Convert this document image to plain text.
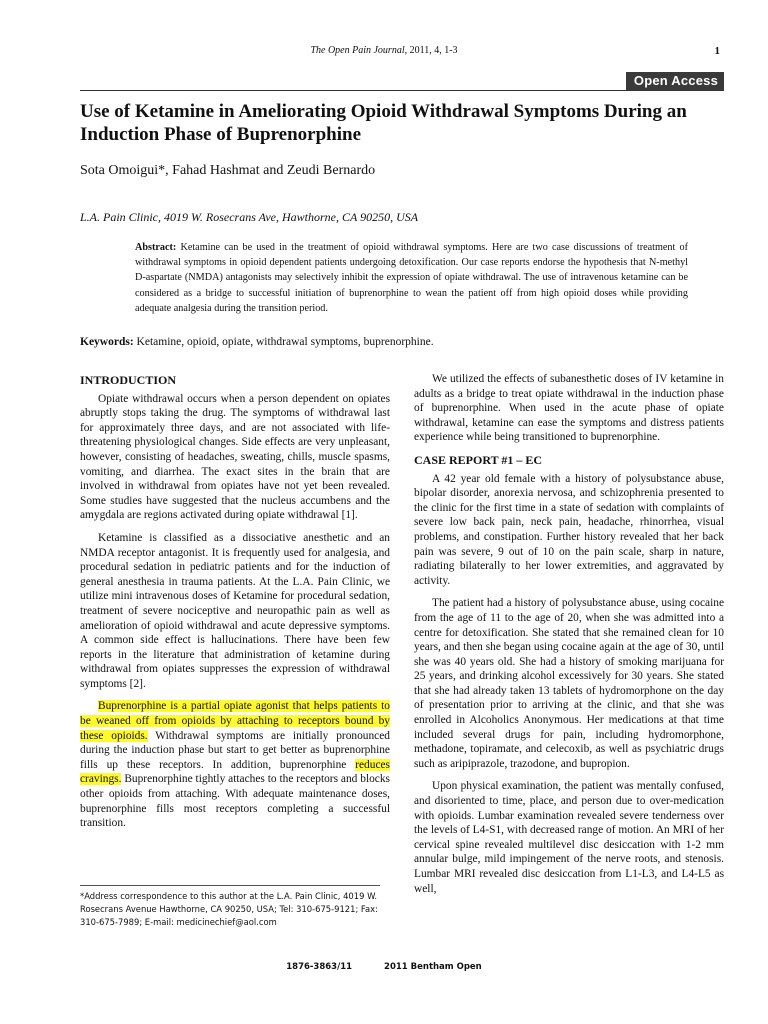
The Open Pain Journal, 2011, 4, 1-3	1
Open Access
Use of Ketamine in Ameliorating Opioid Withdrawal Symptoms During an Induction Phase of Buprenorphine
Sota Omoigui*, Fahad Hashmat and Zeudi Bernardo
L.A. Pain Clinic, 4019 W. Rosecrans Ave, Hawthorne, CA 90250, USA
Abstract: Ketamine can be used in the treatment of opioid withdrawal symptoms. Here are two case discussions of treatment of withdrawal symptoms in opioid dependent patients undergoing detoxification. Our case reports endorse the hypothesis that N-methyl D-aspartate (NMDA) antagonists may selectively inhibit the expression of opiate withdrawal. The use of intravenous ketamine can be considered as a bridge to successful initiation of buprenorphine to wean the patient off from high opioid doses while providing adequate analgesia during the transition period.
Keywords: Ketamine, opioid, opiate, withdrawal symptoms, buprenorphine.
INTRODUCTION

Opiate withdrawal occurs when a person dependent on opiates abruptly stops taking the drug. The symptoms of withdrawal last for approximately three days, and are not associated with life-threatening physiological changes. Side effects are very unpleasant, however, consisting of headaches, sweating, chills, muscle spasms, vomiting, and diarrhea. The exact sites in the brain that are involved in withdrawal from opiates have not yet been revealed. Some studies have suggested that the nucleus accumbens and the amygdala are regions activated during opiate withdrawal [1].

Ketamine is classified as a dissociative anesthetic and an NMDA receptor antagonist. It is frequently used for analgesia, and procedural sedation in pediatric patients and for the induction of general anesthesia in trauma patients. At the L.A. Pain Clinic, we utilize mini intravenous doses of Ketamine for procedural sedation, treatment of severe nociceptive and neuropathic pain as well as amelioration of opioid withdrawal and acute depressive symptoms. A common side effect is hallucinations. There have been few reports in the literature that administration of ketamine during withdrawal from opiates suppresses the expression of withdrawal symptoms [2].

Buprenorphine is a partial opiate agonist that helps patients to be weaned off from opioids by attaching to receptors bound by these opioids. Withdrawal symptoms are initially pronounced during the induction phase but start to get better as buprenorphine fills up these receptors. In addition, buprenorphine reduces cravings. Buprenorphine tightly attaches to the receptors and blocks other opioids from attaching. With adequate maintenance doses, buprenorphine fills most receptors completing a successful transition.

We utilized the effects of subanesthetic doses of IV ketamine in adults as a bridge to treat opiate withdrawal in the induction phase of buprenorphine. When used in the acute phase of opiate withdrawal, ketamine can ease the symptoms and distress patients experience while being transitioned to buprenorphine.

CASE REPORT #1 – EC

A 42 year old female with a history of polysubstance abuse, bipolar disorder, anorexia nervosa, and schizophrenia presented to the clinic for the first time in a state of sedation with complaints of severe low back pain, neck pain, headache, rhinorrhea, visual problems, and constipation. Further history revealed that her back pain was severe, 9 out of 10 on the pain scale, sharp in nature, radiating bilaterally to her lower extremities, and aggravated by activity.

The patient had a history of polysubstance abuse, using cocaine from the age of 11 to the age of 20, when she was admitted into a centre for detoxification. She stated that she remained clean for 10 years, and then she began using cocaine again at the age of 30, until she was 40 years old. She had a history of smoking marijuana for 25 years, and drinking alcohol excessively for 30 years. She stated that she had already taken 13 tablets of hydromorphone on the day of presentation prior to arriving at the clinic, and that she was enrolled in Alcoholics Anonymous. Her medications at that time included several drugs for pain, including hydromorphone, methadone, topiramate, and celecoxib, as well as psychiatric drugs such as aripiprazole, trazodone, and bupropion.

Upon physical examination, the patient was mentally confused, and disoriented to time, place, and person due to over-medication with opioids. Lumbar examination revealed severe tenderness over the levels of L4-S1, with decreased range of motion. An MRI of her cervical spine revealed multilevel disc desiccation with 1-2 mm annular bulge, mild impingement of the nerve roots, and stenosis. Lumbar MRI revealed disc desiccation from L1-L3, and L4-L5 as well,

*Address correspondence to this author at the L.A. Pain Clinic, 4019 W. Rosecrans Avenue Hawthorne, CA 90250, USA; Tel: 310-675-9121; Fax: 310-675-7989; E-mail: medicinechief@aol.com
1876-3863/11	2011 Bentham Open
